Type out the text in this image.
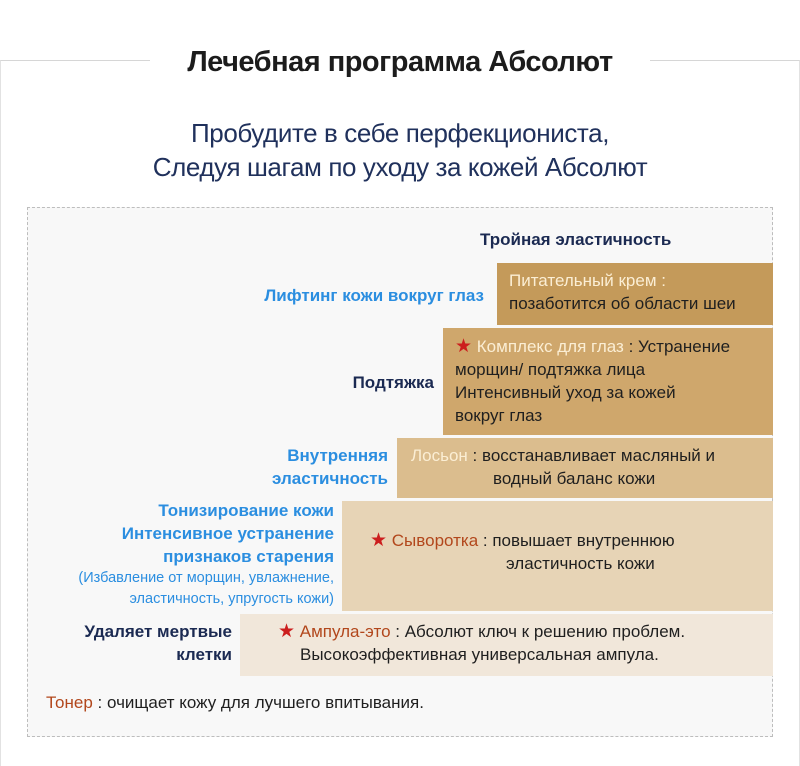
Лечебная программа Абсолют
Пробудите в себе перфекциониста,
Следуя шагам по уходу за кожей Абсолют
Тройная эластичность
Лифтинг кожи вокруг глаз
Питательный крем :
позаботится об области шеи
Подтяжка
★ Комплекс для глаз : Устранение
морщин/ подтяжка лица
Интенсивный уход за кожей
вокруг глаз
Внутренняя
эластичность
Лосьон : восстанавливает масляный и
водный баланс кожи
Тонизирование кожи
Интенсивное устранение
признаков старения
(Избавление от морщин, увлажнение,
эластичность, упругость кожи)
★ Сыворотка : повышает внутреннюю
эластичность кожи
Удаляет мертвые
клетки
★ Ампула-это : Абсолют ключ к решению проблем.
Высокоэффективная универсальная ампула.
Тонер : очищает кожу для лучшего впитывания.
